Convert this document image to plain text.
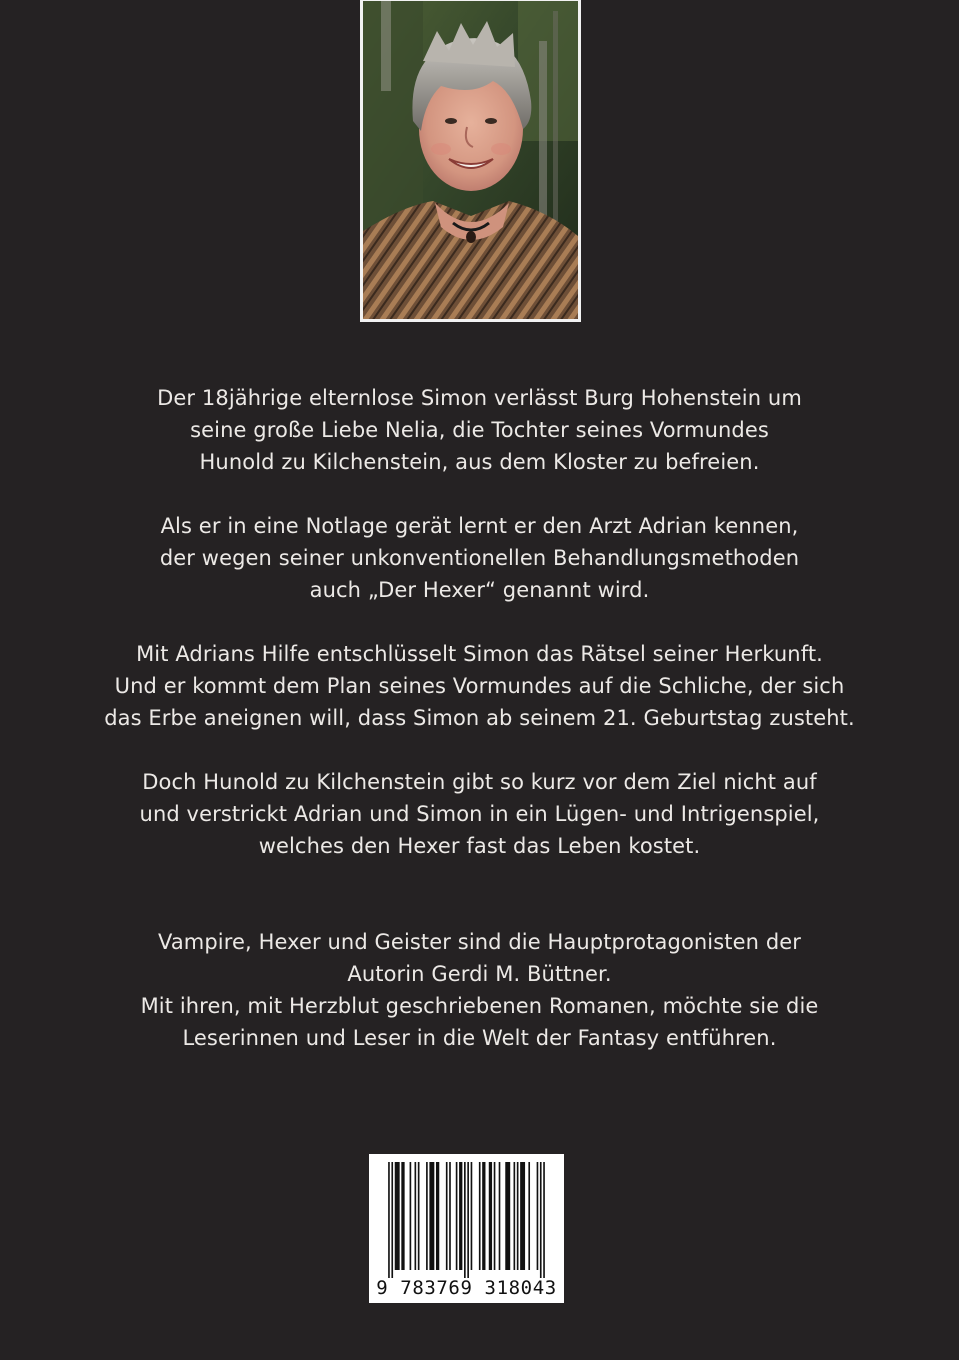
Der 18jährige elternlose Simon verlässt Burg Hohenstein um
seine große Liebe Nelia, die Tochter seines Vormundes
Hunold zu Kilchenstein, aus dem Kloster zu befreien.

Als er in eine Notlage gerät lernt er den Arzt Adrian kennen,
der wegen seiner unkonventionellen Behandlungsmethoden
auch „Der Hexer“ genannt wird.

Mit Adrians Hilfe entschlüsselt Simon das Rätsel seiner Herkunft.
Und er kommt dem Plan seines Vormundes auf die Schliche, der sich
das Erbe aneignen will, dass Simon ab seinem 21. Geburtstag zusteht.

Doch Hunold zu Kilchenstein gibt so kurz vor dem Ziel nicht auf
und verstrickt Adrian und Simon in ein Lügen- und Intrigenspiel,
welches den Hexer fast das Leben kostet.

Vampire, Hexer und Geister sind die Hauptprotagonisten der
Autorin Gerdi M. Büttner.
Mit ihren, mit Herzblut geschriebenen Romanen, möchte sie die
Leserinnen und Leser in die Welt der Fantasy entführen.

9 783769 318043
